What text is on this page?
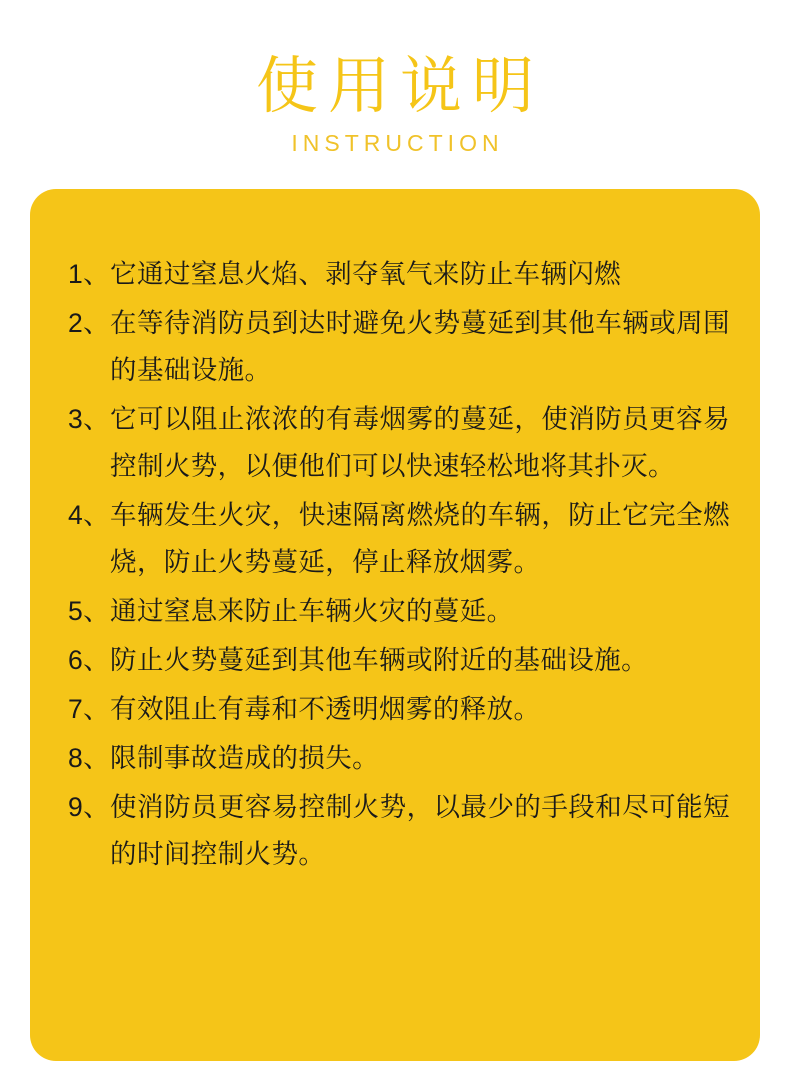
使用说明
INSTRUCTION
1、 它通过窒息火焰、剥夺氧气来防止车辆闪燃
2、 在等待消防员到达时避免火势蔓延到其他车辆或周围的基础设施。
3、 它可以阻止浓浓的有毒烟雾的蔓延，使消防员更容易控制火势，以便他们可以快速轻松地将其扑灭。
4、 车辆发生火灾，快速隔离燃烧的车辆，防止它完全燃烧，防止火势蔓延，停止释放烟雾。
5、 通过窒息来防止车辆火灾的蔓延。
6、 防止火势蔓延到其他车辆或附近的基础设施。
7、 有效阻止有毒和不透明烟雾的释放。
8、 限制事故造成的损失。
9、 使消防员更容易控制火势，以最少的手段和尽可能短的时间控制火势。
